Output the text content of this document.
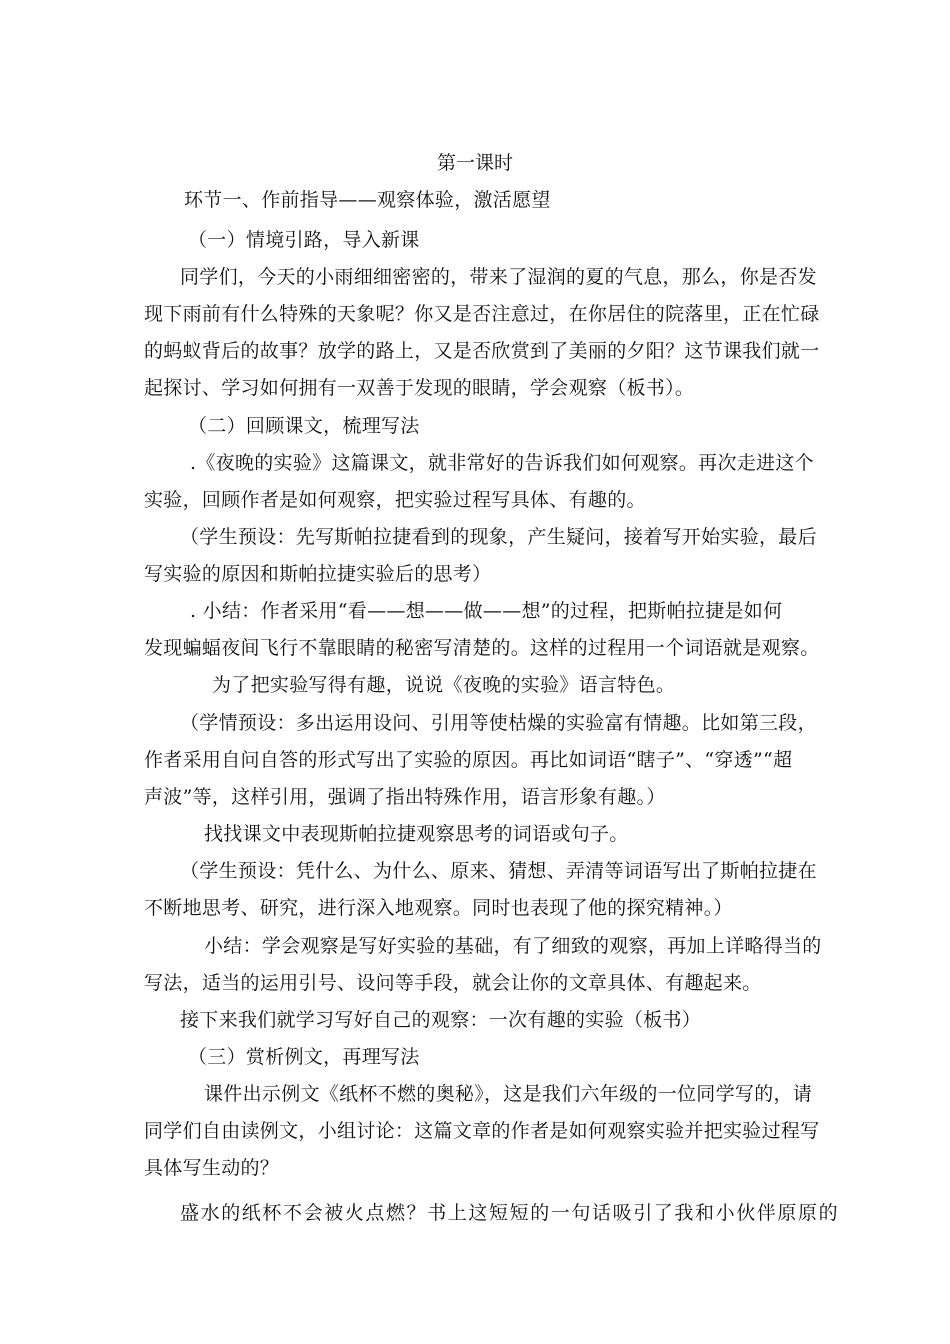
第一课时
环节一、作前指导——观察体验，激活愿望
（一）情境引路，导入新课
同学们，今天的小雨细细密密的，带来了湿润的夏的气息，那么，你是否发
现下雨前有什么特殊的天象呢？你又是否注意过，在你居住的院落里，正在忙碌
的蚂蚁背后的故事？放学的路上，又是否欣赏到了美丽的夕阳？这节课我们就一
起探讨、学习如何拥有一双善于发现的眼睛，学会观察（板书）。
（二）回顾课文，梳理写法
.《夜晚的实验》这篇课文，就非常好的告诉我们如何观察。再次走进这个
实验，回顾作者是如何观察，把实验过程写具体、有趣的。
（学生预设：先写斯帕拉捷看到的现象，产生疑问，接着写开始实验，最后
写实验的原因和斯帕拉捷实验后的思考）
. 小结：作者采用“看——想——做——想”的过程，把斯帕拉捷是如何
发现蝙蝠夜间飞行不靠眼睛的秘密写清楚的。这样的过程用一个词语就是观察。
为了把实验写得有趣，说说《夜晚的实验》语言特色。
（学情预设：多出运用设问、引用等使枯燥的实验富有情趣。比如第三段，
作者采用自问自答的形式写出了实验的原因。再比如词语“瞎子”、“穿透”“超
声波”等，这样引用，强调了指出特殊作用，语言形象有趣。）
找找课文中表现斯帕拉捷观察思考的词语或句子。
（学生预设：凭什么、为什么、原来、猜想、弄清等词语写出了斯帕拉捷在
不断地思考、研究，进行深入地观察。同时也表现了他的探究精神。）
小结：学会观察是写好实验的基础，有了细致的观察，再加上详略得当的
写法，适当的运用引号、设问等手段，就会让你的文章具体、有趣起来。
接下来我们就学习写好自己的观察：一次有趣的实验（板书）
（三）赏析例文，再理写法
课件出示例文《纸杯不燃的奥秘》，这是我们六年级的一位同学写的，请
同学们自由读例文，小组讨论：这篇文章的作者是如何观察实验并把实验过程写
具体写生动的？
盛水的纸杯不会被火点燃？书上这短短的一句话吸引了我和小伙伴原原的
